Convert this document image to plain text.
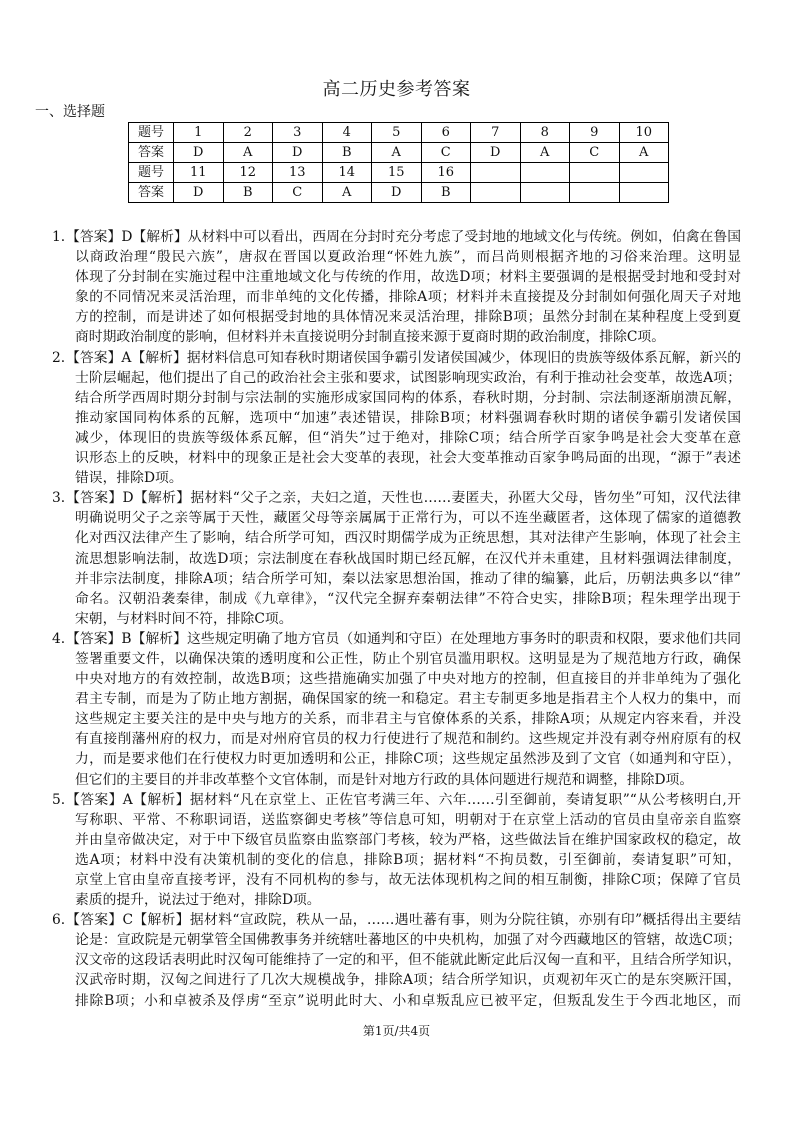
高二历史参考答案
一、选择题
题号	1	2	3	4	5	6	7	8	9	10
答案	D	A	D	B	A	C	D	A	C	A
题号	11	12	13	14	15	16				
答案	D	B	C	A	D	B				
1. 【答案】D【解析】从材料中可以看出，西周在分封时充分考虑了受封地的地域文化与传统。例如，伯禽在鲁国
以商政治理“殷民六族”，唐叔在晋国以夏政治理“怀姓九族”，而吕尚则根据齐地的习俗来治理。这明显
体现了分封制在实施过程中注重地域文化与传统的作用，故选D项；材料主要强调的是根据受封地和受封对
象的不同情况来灵活治理，而非单纯的文化传播，排除A项；材料并未直接提及分封制如何强化周天子对地
方的控制，而是讲述了如何根据受封地的具体情况来灵活治理，排除B项；虽然分封制在某种程度上受到夏
商时期政治制度的影响，但材料并未直接说明分封制直接来源于夏商时期的政治制度，排除C项。
2. 【答案】A【解析】据材料信息可知春秋时期诸侯国争霸引发诸侯国减少，体现旧的贵族等级体系瓦解，新兴的
士阶层崛起，他们提出了自己的政治社会主张和要求，试图影响现实政治，有利于推动社会变革，故选A项；
结合所学西周时期分封制与宗法制的实施形成家国同构的体系，春秋时期，分封制、宗法制逐渐崩溃瓦解，
推动家国同构体系的瓦解，选项中“加速”表述错误，排除B项；材料强调春秋时期的诸侯争霸引发诸侯国
减少，体现旧的贵族等级体系瓦解，但“消失”过于绝对，排除C项；结合所学百家争鸣是社会大变革在意
识形态上的反映，材料中的现象正是社会大变革的表现，社会大变革推动百家争鸣局面的出现，“源于”表述
错误，排除D项。
3. 【答案】D【解析】据材料“父子之亲，夫妇之道，天性也……妻匿夫，孙匿大父母，皆勿坐”可知，汉代法律
明确说明父子之亲等属于天性，藏匿父母等亲属属于正常行为，可以不连坐藏匿者，这体现了儒家的道德教
化对西汉法律产生了影响，结合所学可知，西汉时期儒学成为正统思想，其对法律产生影响，体现了社会主
流思想影响法制，故选D项；宗法制度在春秋战国时期已经瓦解，在汉代并未重建，且材料强调法律制度，
并非宗法制度，排除A项；结合所学可知，秦以法家思想治国，推动了律的编纂，此后，历朝法典多以“律”
命名。汉朝沿袭秦律，制成《九章律》，“汉代完全摒弃秦朝法律”不符合史实，排除B项；程朱理学出现于
宋朝，与材料时间不符，排除C项。
4. 【答案】B【解析】这些规定明确了地方官员（如通判和守臣）在处理地方事务时的职责和权限，要求他们共同
签署重要文件，以确保决策的透明度和公正性，防止个别官员滥用职权。这明显是为了规范地方行政，确保
中央对地方的有效控制，故选B项；这些措施确实加强了中央对地方的控制，但直接目的并非单纯为了强化
君主专制，而是为了防止地方割据，确保国家的统一和稳定。君主专制更多地是指君主个人权力的集中，而
这些规定主要关注的是中央与地方的关系，而非君主与官僚体系的关系，排除A项；从规定内容来看，并没
有直接削藩州府的权力，而是对州府官员的权力行使进行了规范和制约。这些规定并没有剥夺州府原有的权
力，而是要求他们在行使权力时更加透明和公正，排除C项；这些规定虽然涉及到了文官（如通判和守臣），
但它们的主要目的并非改革整个文官体制，而是针对地方行政的具体问题进行规范和调整，排除D项。
5. 【答案】A【解析】据材料“凡在京堂上、正佐官考满三年、六年……引至御前，奏请复职”“从公考核明白,开
写称职、平常、不称职词语，送监察御史考核”等信息可知，明朝对于在京堂上活动的官员由皇帝亲自监察
并由皇帝做决定，对于中下级官员监察由监察部门考核，较为严格，这些做法旨在维护国家政权的稳定，故
选A项；材料中没有决策机制的变化的信息，排除B项；据材料“不拘员数，引至御前，奏请复职”可知，
京堂上官由皇帝直接考评，没有不同机构的参与，故无法体现机构之间的相互制衡，排除C项；保障了官员
素质的提升，说法过于绝对，排除D项。
6. 【答案】C【解析】据材料“宣政院，秩从一品，……遇吐蕃有事，则为分院往镇，亦别有印”概括得出主要结
论是：宣政院是元朝掌管全国佛教事务并统辖吐蕃地区的中央机构，加强了对今西藏地区的管辖，故选C项；
汉文帝的这段话表明此时汉匈可能维持了一定的和平，但不能就此断定此后汉匈一直和平，且结合所学知识，
汉武帝时期，汉匈之间进行了几次大规模战争，排除A项；结合所学知识，贞观初年灭亡的是东突厥汗国，
排除B项；小和卓被杀及俘虏“至京”说明此时大、小和卓叛乱应已被平定，但叛乱发生于今西北地区，而
第1页/共4页
